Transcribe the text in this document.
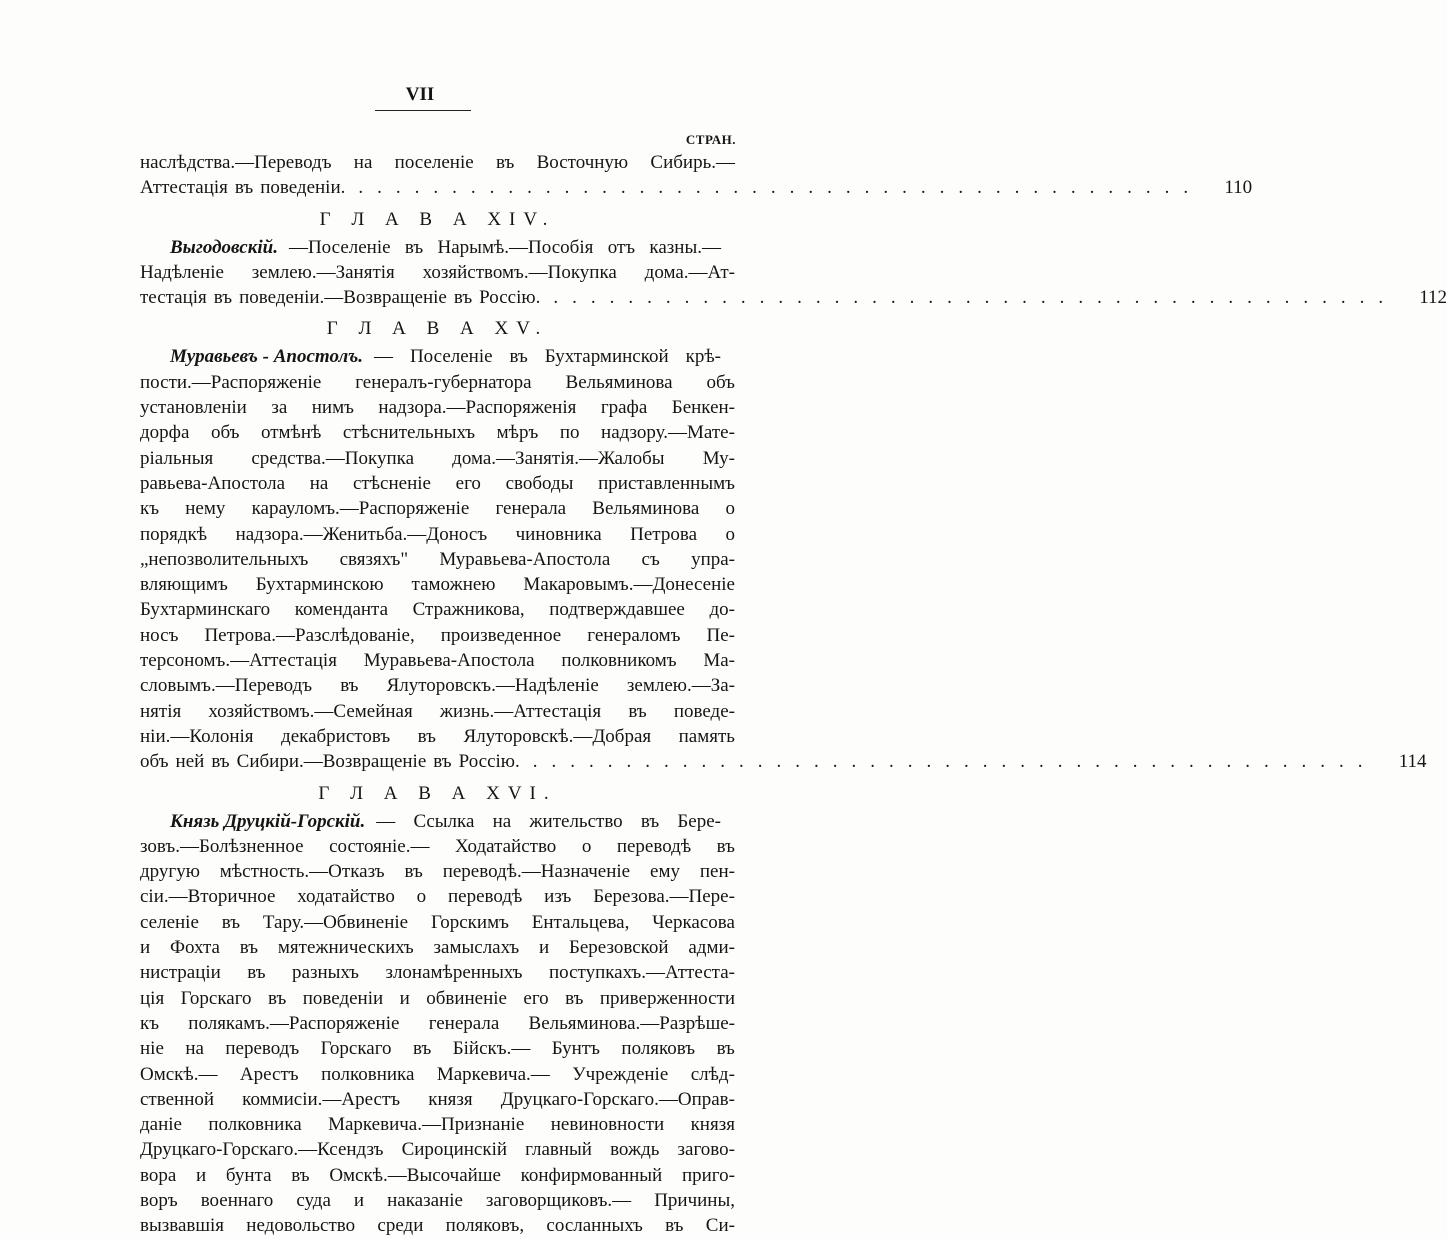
VII
СТРАН.
наслѣдства.—Переводъ на поселеніе въ Восточную Сибирь.—
Аттестація въ поведеніи. .............................................	110
Г Л А В А XIV.
Выгодовскій. —Поселеніе въ Нарымѣ.—Пособія отъ казны.—
Надѣленіе землею.—Занятія хозяйствомъ.—Покупка дома.—Ат-
тестація въ поведеніи.—Возвращеніе въ Россію. .............................................	112
Г Л А В А XV.
Муравьевъ - Апостолъ. — Поселеніе въ Бухтарминской крѣ-
пости.—Распоряженіе генералъ-губернатора Вельяминова объ
установленіи за нимъ надзора.—Распоряженія графа Бенкен-
дорфа объ отмѣнѣ стѣснительныхъ мѣръ по надзору.—Мате-
ріальныя средства.—Покупка дома.—Занятія.—Жалобы Му-
равьева-Апостола на стѣсненіе его свободы приставленнымъ
къ нему карауломъ.—Распоряженіе генерала Вельяминова о
порядкѣ надзора.—Женитьба.—Доносъ чиновника Петрова о
„непозволительныхъ связяхъ" Муравьева-Апостола съ упра-
вляющимъ Бухтарминскою таможнею Макаровымъ.—Донесеніе
Бухтарминскаго коменданта Стражникова, подтверждавшее до-
носъ Петрова.—Разслѣдованіе, произведенное генераломъ Пе-
терсономъ.—Аттестація Муравьева-Апостола полковникомъ Ма-
словымъ.—Переводъ въ Ялуторовскъ.—Надѣленіе землею.—За-
нятія хозяйствомъ.—Семейная жизнь.—Аттестація въ поведе-
ніи.—Колонія декабристовъ въ Ялуторовскѣ.—Добрая память
объ ней въ Сибири.—Возвращеніе въ Россію. .............................................	114
Г Л А В А XVI.
Князь Друцкій-Горскій. — Ссылка на жительство въ Бере-
зовъ.—Болѣзненное состояніе.— Ходатайство о переводѣ въ
другую мѣстность.—Отказъ въ переводѣ.—Назначеніе ему пен-
сіи.—Вторичное ходатайство о переводѣ изъ Березова.—Пере-
селеніе въ Тару.—Обвиненіе Горскимъ Ентальцева, Черкасова
и Фохта въ мятежническихъ замыслахъ и Березовской адми-
нистраціи въ разныхъ злонамѣренныхъ поступкахъ.—Аттеста-
ція Горскаго въ поведеніи и обвиненіе его въ приверженности
къ полякамъ.—Распоряженіе генерала Вельяминова.—Разрѣше-
ніе на переводъ Горскаго въ Бійскъ.— Бунтъ поляковъ въ
Омскѣ.— Арестъ полковника Маркевича.— Учрежденіе слѣд-
ственной коммисіи.—Арестъ князя Друцкаго-Горскаго.—Оправ-
даніе полковника Маркевича.—Признаніе невиновности князя
Друцкаго-Горскаго.—Ксендзъ Сироцинскій главный вождь загово-
вора и бунта въ Омскѣ.—Высочайше конфирмованный приго-
воръ военнаго суда и наказаніе заговорщиковъ.— Причины,
вызвавшія недовольство среди поляковъ, сосланныхъ въ Си-
